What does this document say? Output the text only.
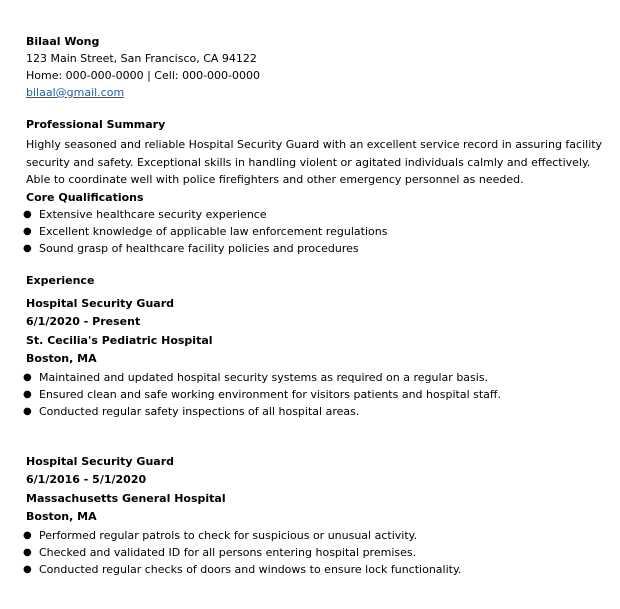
Bilaal Wong
123 Main Street, San Francisco, CA 94122
Home: 000-000-0000 | Cell: 000-000-0000
bilaal@gmail.com
Professional Summary
Highly seasoned and reliable Hospital Security Guard with an excellent service record in assuring facility security and safety. Exceptional skills in handling violent or agitated individuals calmly and effectively. Able to coordinate well with police firefighters and other emergency personnel as needed.
Core Qualifications
● Extensive healthcare security experience
● Excellent knowledge of applicable law enforcement regulations
● Sound grasp of healthcare facility policies and procedures
Experience
Hospital Security Guard
6/1/2020 - Present
St. Cecilia's Pediatric Hospital
Boston, MA
● Maintained and updated hospital security systems as required on a regular basis.
● Ensured clean and safe working environment for visitors patients and hospital staff.
● Conducted regular safety inspections of all hospital areas.
Hospital Security Guard
6/1/2016 - 5/1/2020
Massachusetts General Hospital
Boston, MA
● Performed regular patrols to check for suspicious or unusual activity.
● Checked and validated ID for all persons entering hospital premises.
● Conducted regular checks of doors and windows to ensure lock functionality.
